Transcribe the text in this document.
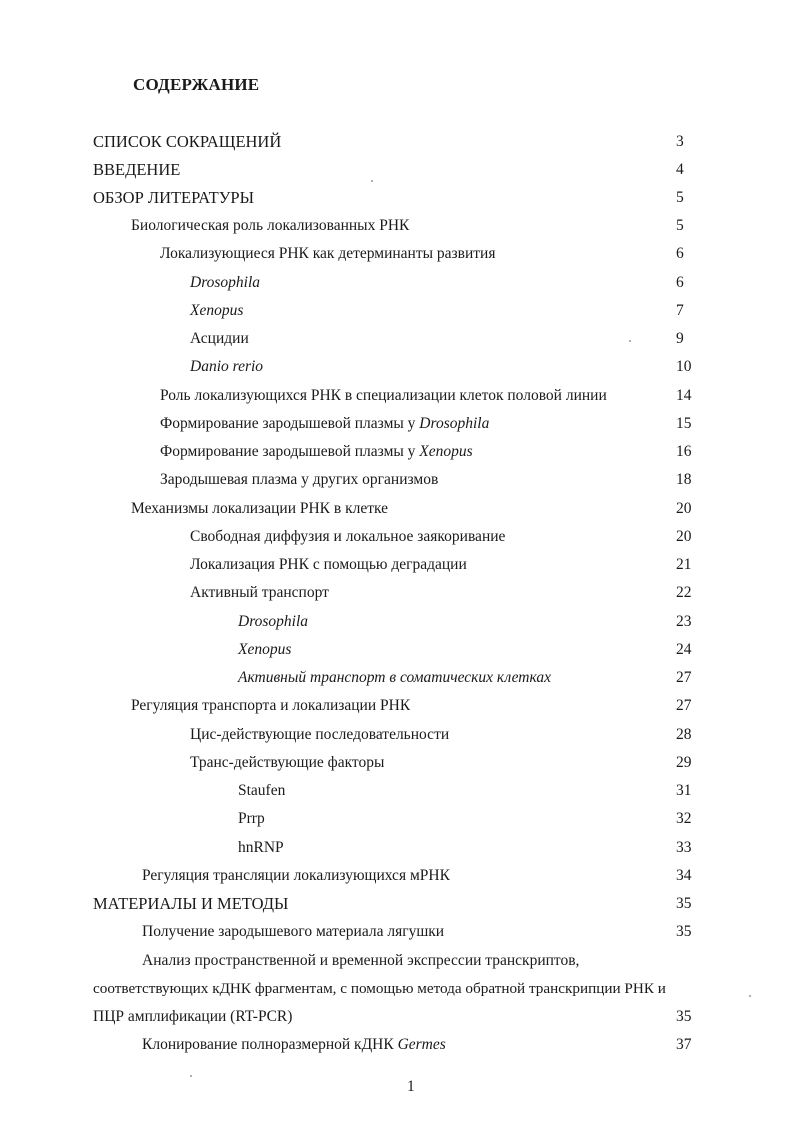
СОДЕРЖАНИЕ
СПИСОК СОКРАЩЕНИЙ	3
ВВЕДЕНИЕ	4
ОБЗОР ЛИТЕРАТУРЫ	5
Биологическая роль локализованных РНК	5
Локализующиеся РНК как детерминанты развития	6
Drosophila	6
Xenopus	7
Асцидии	9
Danio rerio	10
Роль локализующихся РНК в специализации клеток половой линии	14
Формирование зародышевой плазмы у Drosophila	15
Формирование зародышевой плазмы у Xenopus	16
Зародышевая плазма у других организмов	18
Механизмы локализации РНК в клетке	20
Свободная диффузия и локальное заякоривание	20
Локализация РНК с помощью деградации	21
Активный транспорт	22
Drosophila	23
Xenopus	24
Активный транспорт в соматических клетках	27
Регуляция транспорта и локализации РНК	27
Цис-действующие последовательности	28
Транс-действующие факторы	29
Staufen	31
Prrp	32
hnRNP	33
Регуляция трансляции локализующихся мРНК	34
МАТЕРИАЛЫ И МЕТОДЫ	35
Получение зародышевого материала лягушки	35
Анализ пространственной и временной экспрессии транскриптов,
соответствующих кДНК фрагментам, с помощью метода обратной транскрипции РНК и
ПЦР амплификации (RT-PCR)	35
Клонирование полноразмерной кДНК Germes	37
1
